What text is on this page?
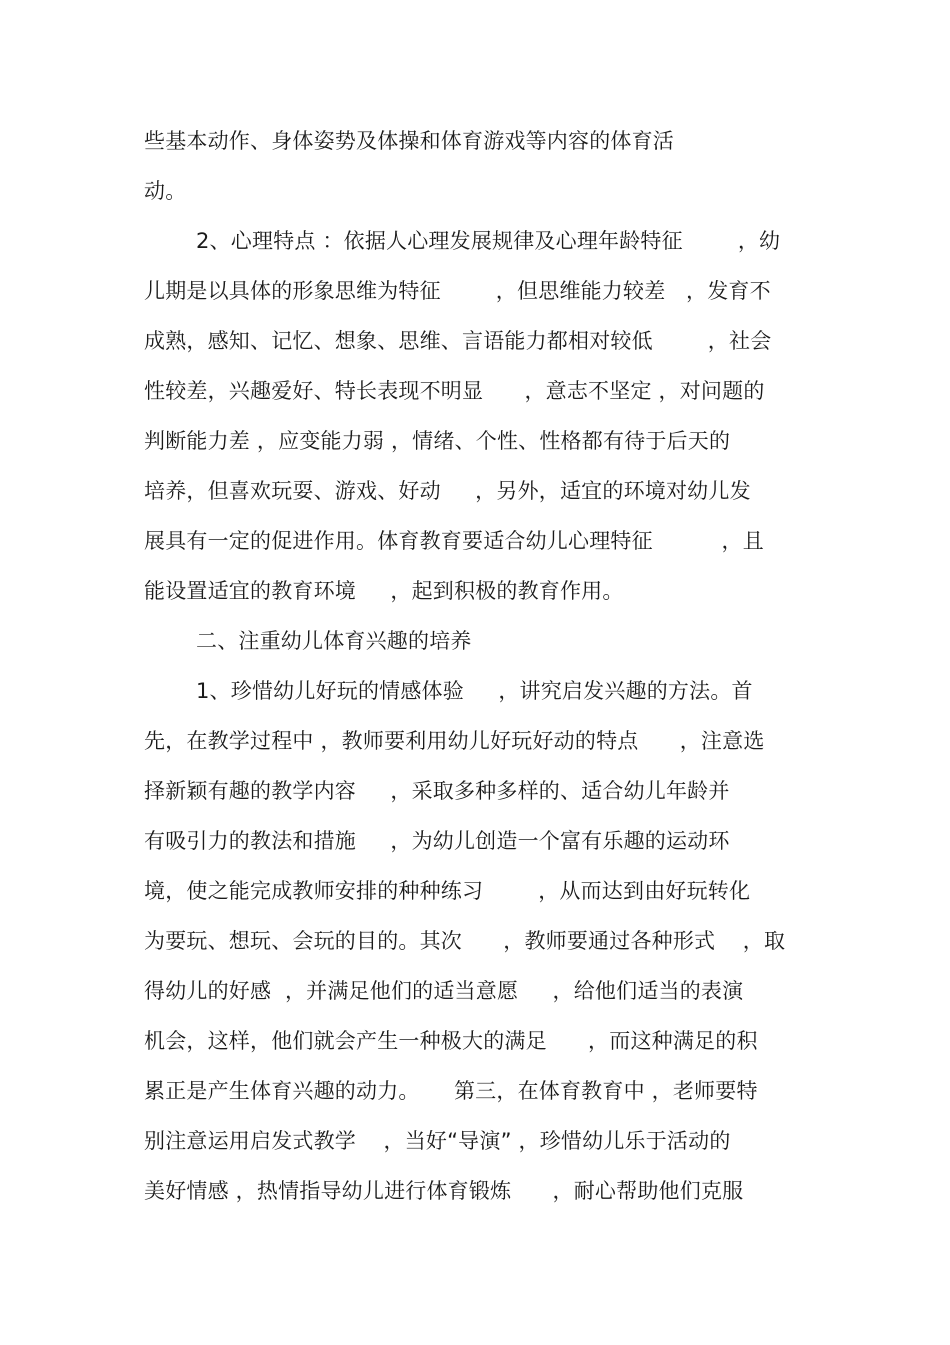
些基本动作、身体姿势及体操和体育游戏等内容的体育活
动。
2、心理特点 ：依据人心理发展规律及心理年龄特征        ，幼
儿期是以具体的形象思维为特征        ，但思维能力较差   ，发育不
成熟，感知、记忆、想象、思维、言语能力都相对较低        ，社会
性较差，兴趣爱好、特长表现不明显      ，意志不坚定 ，对问题的
判断能力差 ，应变能力弱 ，情绪、个性、性格都有待于后天的
培养，但喜欢玩耍、游戏、好动     ，另外，适宜的环境对幼儿发
展具有一定的促进作用。体育教育要适合幼儿心理特征          ，且
能设置适宜的教育环境     ，起到积极的教育作用。
二、注重幼儿体育兴趣的培养
1、珍惜幼儿好玩的情感体验     ，讲究启发兴趣的方法。首
先，在教学过程中 ，教师要利用幼儿好玩好动的特点      ，注意选
择新颖有趣的教学内容     ，采取多种多样的、适合幼儿年龄并
有吸引力的教法和措施     ，为幼儿创造一个富有乐趣的运动环
境，使之能完成教师安排的种种练习        ，从而达到由好玩转化
为要玩、想玩、会玩的目的。其次      ，教师要通过各种形式    ，取
得幼儿的好感  ，并满足他们的适当意愿     ，给他们适当的表演
机会，这样，他们就会产生一种极大的满足      ，而这种满足的积
累正是产生体育兴趣的动力。     第三，在体育教育中 ，老师要特
别注意运用启发式教学    ，当好“导演” ，珍惜幼儿乐于活动的
美好情感 ，热情指导幼儿进行体育锻炼      ，耐心帮助他们克服
